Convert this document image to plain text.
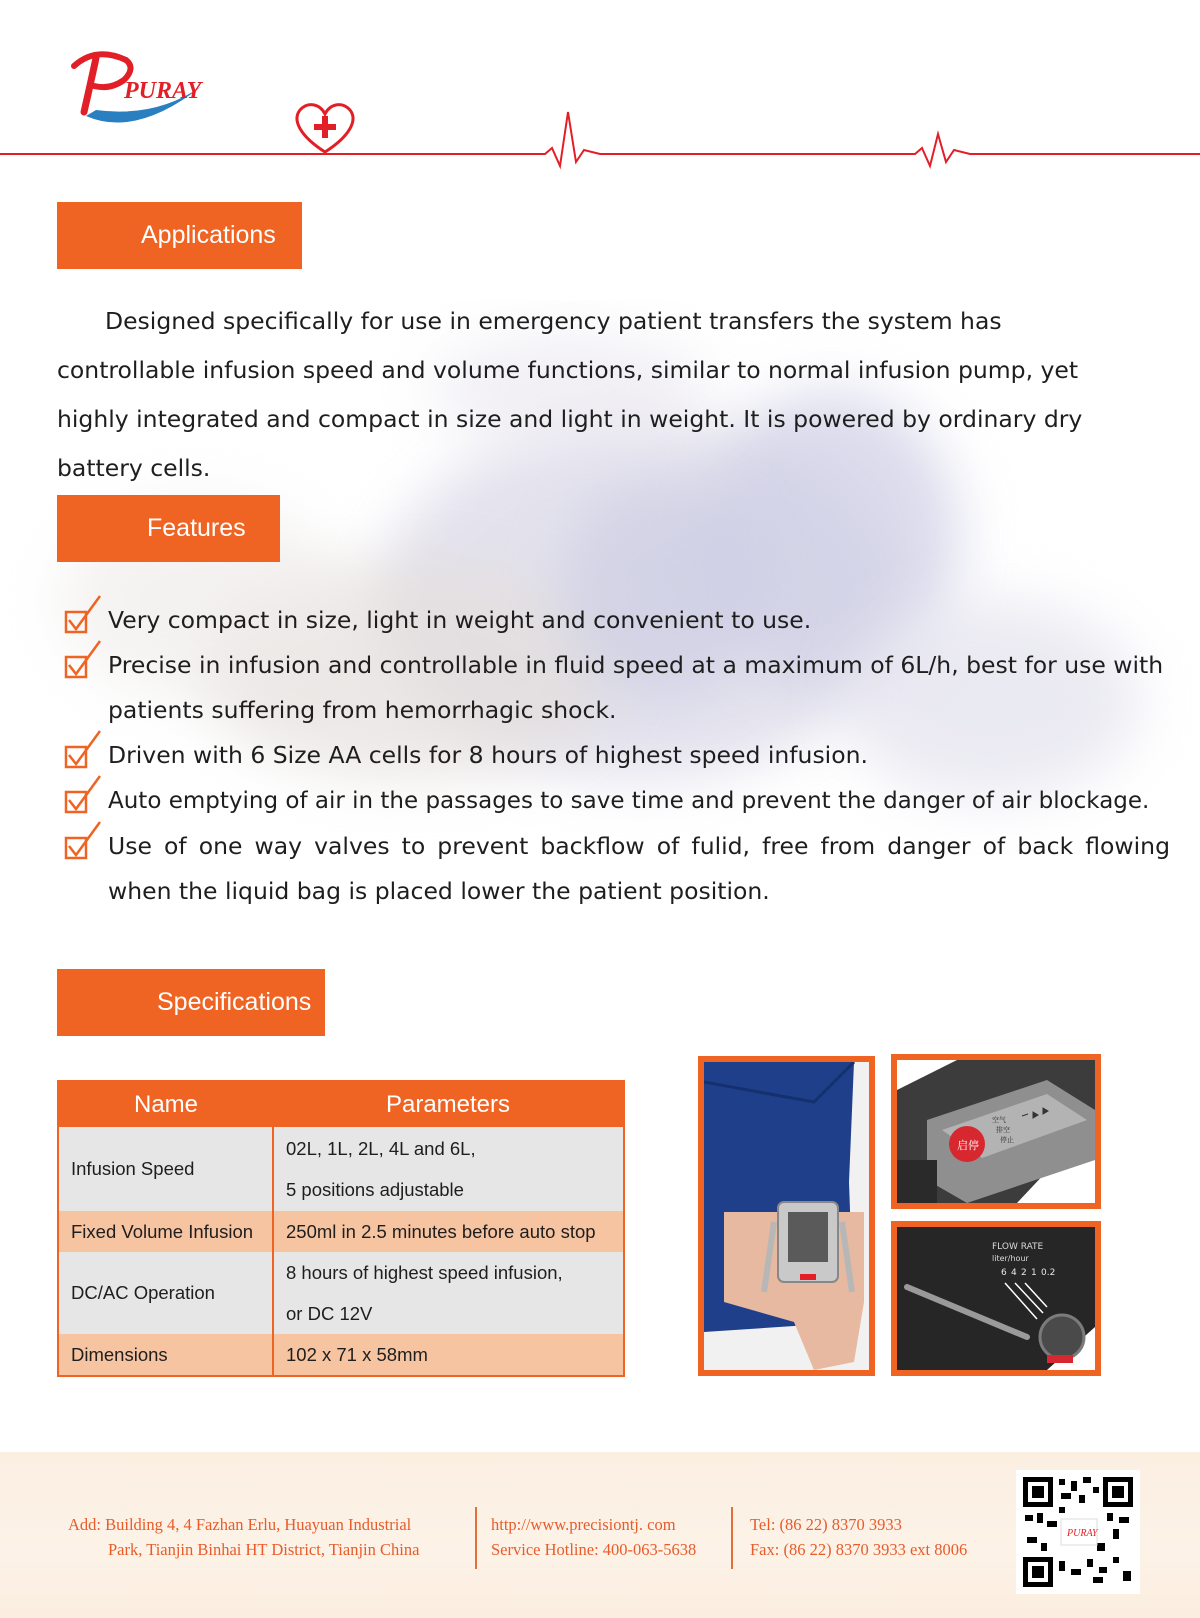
PURAY
Applications

Designed specifically for use in emergency patient transfers the system has controllable infusion speed and volume functions, similar to normal infusion pump, yet highly integrated and compact in size and light in weight. It is powered by ordinary dry battery cells.

Features
Very compact in size, light in weight and convenient to use.
Precise in infusion and controllable in fluid speed at a maximum of 6L/h, best for use with patients suffering from hemorrhagic shock.
Driven with 6 Size AA cells for 8 hours of highest speed infusion.
Auto emptying of air in the passages to save time and prevent the danger of air blockage.
Use of one way valves to prevent backflow of fulid, free from danger of back flowing when the liquid bag is placed lower the patient position.
Specifications
Name	Parameters
Infusion Speed	02L, 1L, 2L, 4L and 6L,
5 positions adjustable

Fixed Volume Infusion	250ml in 2.5 minutes before auto stop
DC/AC Operation	8 hours of highest speed infusion,
or DC 12V

Dimensions	102 x 71 x 58mm
启停
空气
排空
停止
FLOW RATE
liter/hour
6 4 2 1 0.2
Add: Building 4, 4 Fazhan Erlu, Huayuan Industrial
Park, Tianjin Binhai HT District, Tianjin China
http://www.precisiontj. com
Service Hotline: 400-063-5638
Tel: (86 22) 8370 3933
Fax: (86 22) 8370 3933 ext 8006
PURAY
